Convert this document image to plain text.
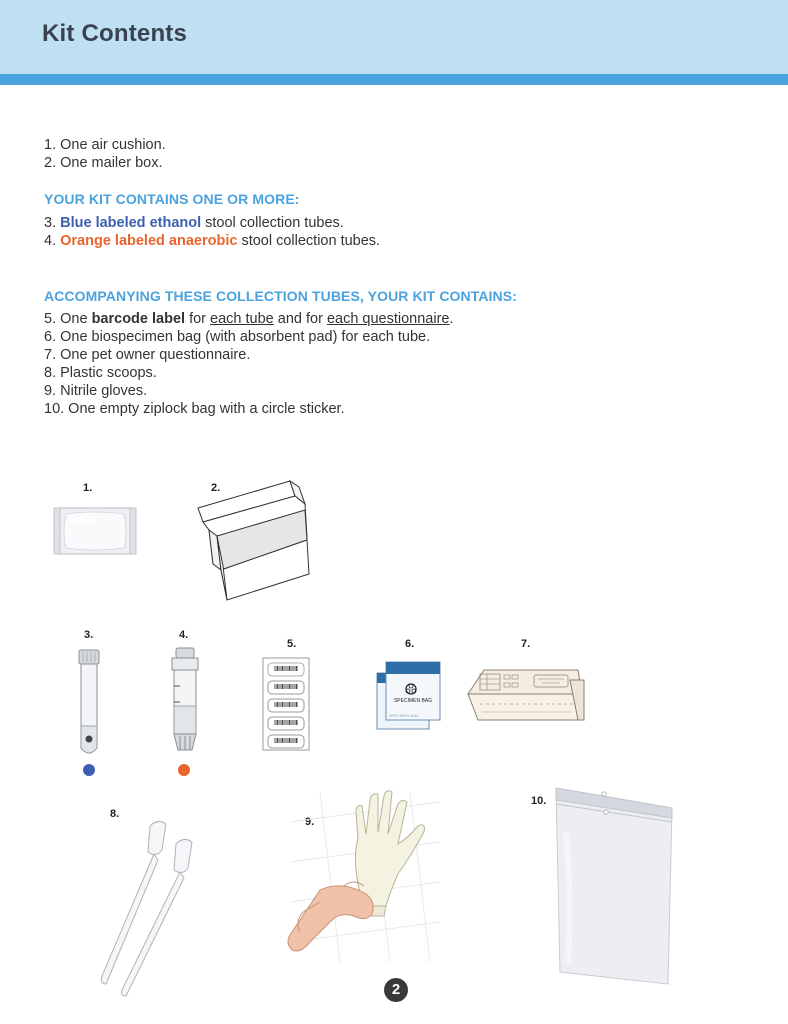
Kit Contents
1. One air cushion.
2. One mailer box.
YOUR KIT CONTAINS ONE OR MORE:
3. Blue labeled ethanol stool collection tubes.
4. Orange labeled anaerobic stool collection tubes.
ACCOMPANYING THESE COLLECTION TUBES, YOUR KIT CONTAINS:
5. One barcode label for each tube and for each questionnaire.
6. One biospecimen bag (with absorbent pad) for each tube.
7. One pet owner questionnaire.
8. Plastic scoops.
9. Nitrile gloves.
10. One empty ziplock bag with a circle sticker.
1.	2.
3.	4.
5.	6.	7.
8.
9.
10.
SPECIMEN BAG
SPECIMEN BAG
2
